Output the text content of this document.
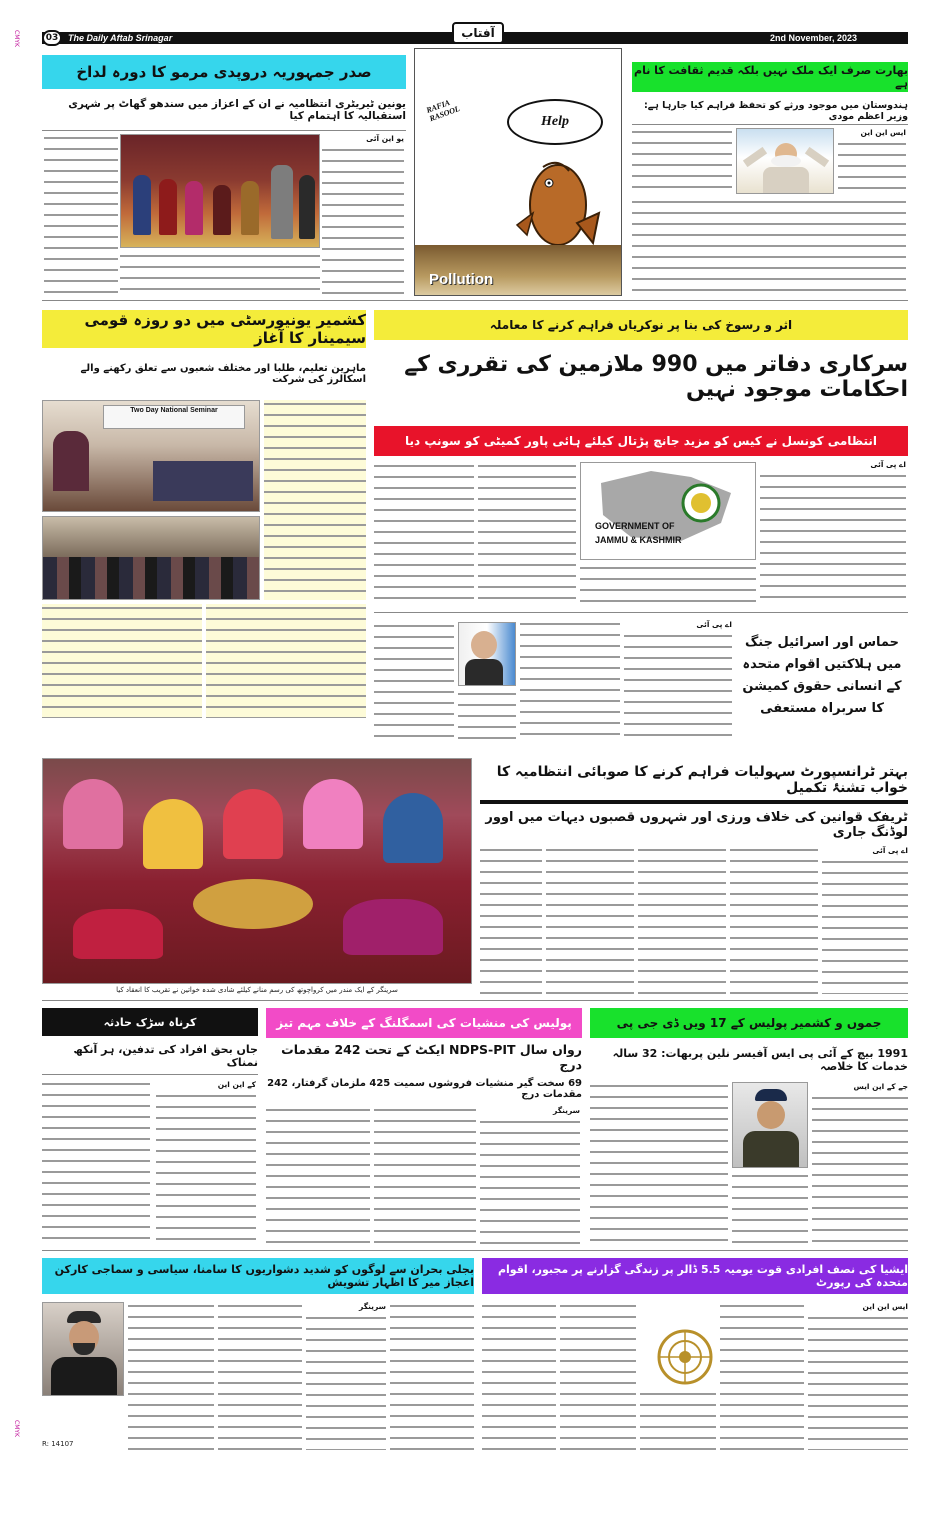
CMYK	03	The Daily Aftab Srinagar	2nd November, 2023
آفتاب
صدر جمہوریہ دروپدی مرمو کا دورہ لداخ
یونین ٹیریٹری انتظامیہ نے ان کے اعزاز میں سندھو گھاٹ پر شہری استقبالیہ کا اہتمام کیا
یو این آئی
RAFIA RASOOL	Help
Pollution
بھارت صرف ایک ملک نہیں بلکہ قدیم ثقافت کا نام ہے
ہندوستان میں موجود ورثے کو تحفظ فراہم کیا جارہا ہے: وزیر اعظم مودی
ایس این این
کشمیر یونیورسٹی میں دو روزہ قومی سیمینار کا آغاز
ماہرین تعلیم، طلبا اور مختلف شعبوں سے تعلق رکھنے والے اسکالرز کی شرکت
Two Day National Seminar
اثر و رسوخ کی بنا پر نوکریاں فراہم کرنے کا معاملہ
سرکاری دفاتر میں 990 ملازمین کی تقرری کے احکامات موجود نہیں
انتظامی کونسل نے کیس کو مزید جانچ پڑتال کیلئے ہائی پاور کمیٹی کو سونپ دیا
اے پی آئی
GOVERNMENT OF
JAMMU & KASHMIR
حماس اور اسرائیل جنگ میں ہلاکتیں اقوام متحدہ کے انسانی حقوق کمیشن کا سربراہ مستعفی
اے پی آئی
سرینگر کے ایک مندر میں کرواچوتھ کی رسم منانے کیلئے شادی شدہ خواتین نے تقریب کا انعقاد کیا
بہتر ٹرانسپورٹ سہولیات فراہم کرنے کا صوبائی انتظامیہ کا خواب تشنۂ تکمیل
ٹریفک قوانین کی خلاف ورزی اور شہروں قصبوں دیہات میں اوور لوڈنگ جاری
اے پی آئی
کرناہ سڑک حادثہ
جاں بحق افراد کی تدفین، ہر آنکھ نمناک
کے این این
پولیس کی منشیات کی اسمگلنگ کے خلاف مہم تیز
رواں سال NDPS-PIT ایکٹ کے تحت 242 مقدمات درج
69 سخت گیر منشیات فروشوں سمیت 425 ملزمان گرفتار، 242 مقدمات درج
سرینگر
جموں و کشمیر پولیس کے 17 ویں ڈی جی پی
1991 بیچ کے آئی پی ایس آفیسر نلین پربھات: 32 سالہ خدمات کا خلاصہ
جے کے این ایس
بجلی بحران سے لوگوں کو شدید دشواریوں کا سامنا، سیاسی و سماجی کارکن اعجاز میر کا اظہار تشویش
R: 14107
سرینگر
ایشیا کی نصف افرادی قوت یومیہ 5.5 ڈالر پر زندگی گزارنے پر مجبور، اقوام متحدہ کی رپورٹ
ایس این این
CMYK
